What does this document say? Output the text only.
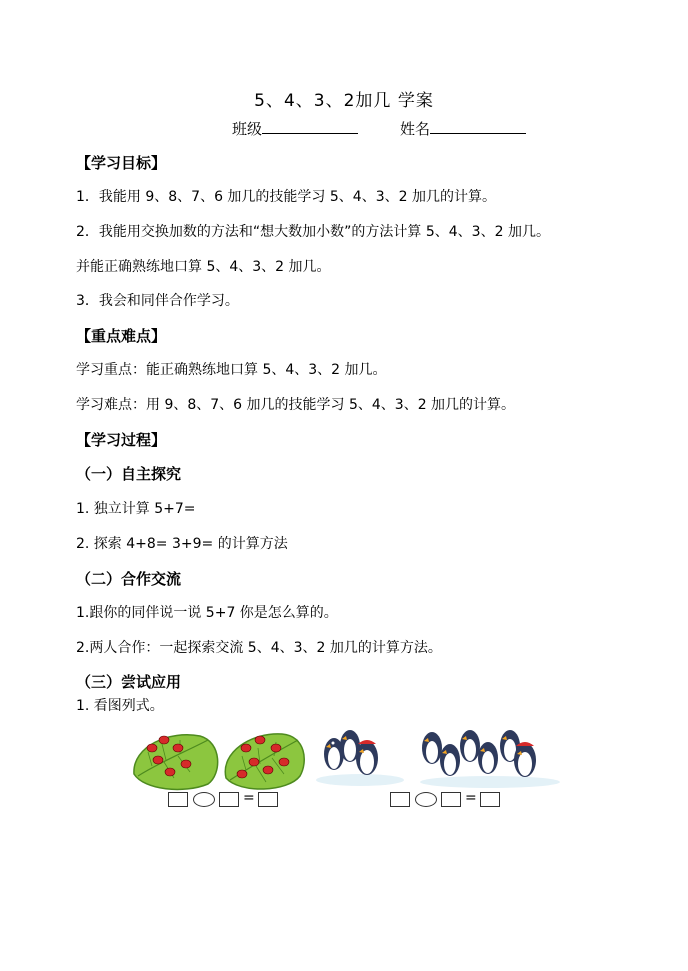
5、4、3、2加几 学案
班级	姓名
【学习目标】
1．我能用 9、8、7、6 加几的技能学习 5、4、3、2 加几的计算。
2．我能用交换加数的方法和“想大数加小数”的方法计算 5、4、3、2 加几。
并能正确熟练地口算 5、4、3、2 加几。
3．我会和同伴合作学习。
【重点难点】
学习重点：能正确熟练地口算 5、4、3、2 加几。
学习难点：用 9、8、7、6 加几的技能学习 5、4、3、2 加几的计算。
【学习过程】
（一）自主探究
1. 独立计算 5+7=
2. 探索 4+8= 3+9= 的计算方法
（二）合作交流
1.跟你的同伴说一说 5+7 你是怎么算的。
2.两人合作：一起探索交流 5、4、3、2 加几的计算方法。
（三）尝试应用
1. 看图列式。
=	=
